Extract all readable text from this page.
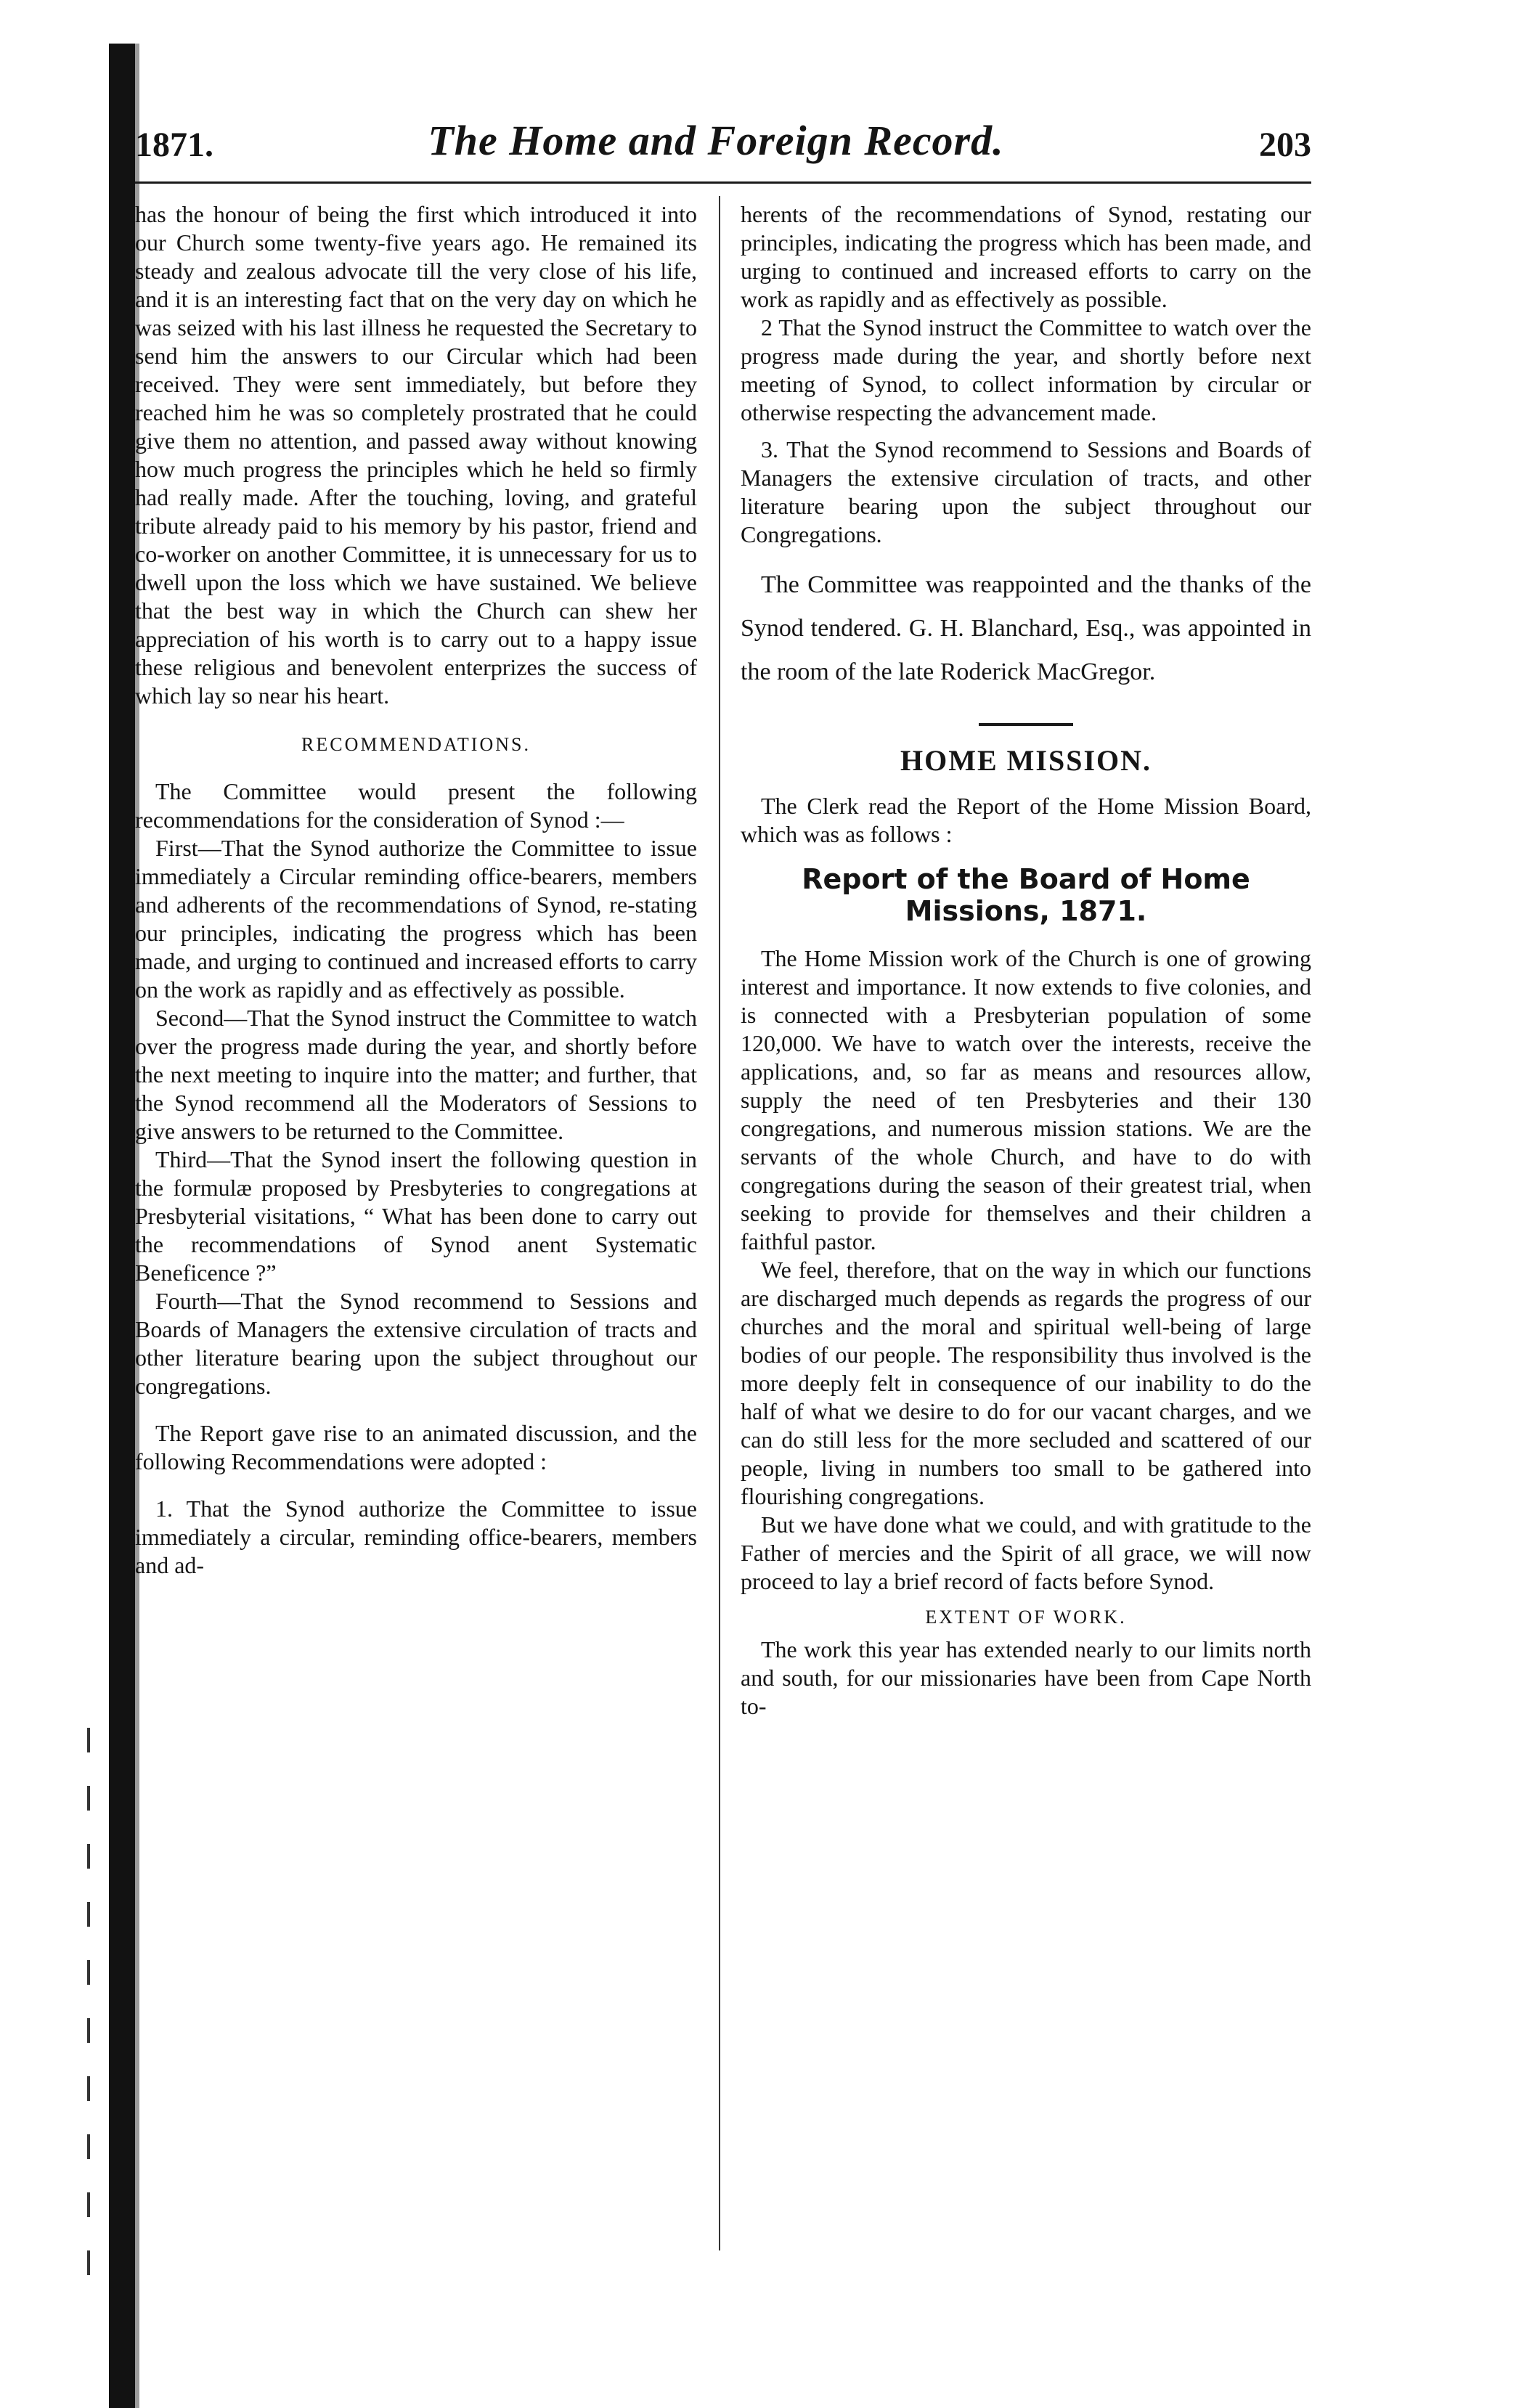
1871.	The Home and Foreign Record.	203

has the honour of being the first which introduced it into our Church some twenty-five years ago. He remained its steady and zealous advocate till the very close of his life, and it is an interesting fact that on the very day on which he was seized with his last illness he requested the Secretary to send him the answers to our Circular which had been received. They were sent immediately, but before they reached him he was so completely prostrated that he could give them no attention, and passed away without knowing how much progress the principles which he held so firmly had really made. After the touching, loving, and grateful tribute already paid to his memory by his pastor, friend and co-worker on another Committee, it is unnecessary for us to dwell upon the loss which we have sustained. We believe that the best way in which the Church can shew her appreciation of his worth is to carry out to a happy issue these religious and benevolent enterprizes the success of which lay so near his heart.

RECOMMENDATIONS.

The Committee would present the following recommendations for the consideration of Synod :—

First—That the Synod authorize the Committee to issue immediately a Circular reminding office-bearers, members and adherents of the recommendations of Synod, re-stating our principles, indicating the progress which has been made, and urging to continued and increased efforts to carry on the work as rapidly and as effectively as possible.

Second—That the Synod instruct the Committee to watch over the progress made during the year, and shortly before the next meeting to inquire into the matter; and further, that the Synod recommend all the Moderators of Sessions to give answers to be returned to the Committee.

Third—That the Synod insert the following question in the formulæ proposed by Presbyteries to congregations at Presbyterial visitations, “ What has been done to carry out the recommendations of Synod anent Systematic Beneficence ?”

Fourth—That the Synod recommend to Sessions and Boards of Managers the extensive circulation of tracts and other literature bearing upon the subject throughout our congregations.

The Report gave rise to an animated discussion, and the following Recommendations were adopted :

1. That the Synod authorize the Committee to issue immediately a circular, reminding office-bearers, members and ad-

herents of the recommendations of Synod, restating our principles, indicating the progress which has been made, and urging to continued and increased efforts to carry on the work as rapidly and as effectively as possible.

2 That the Synod instruct the Committee to watch over the progress made during the year, and shortly before next meeting of Synod, to collect information by circular or otherwise respecting the advancement made.

3. That the Synod recommend to Sessions and Boards of Managers the extensive circulation of tracts, and other literature bearing upon the subject throughout our Congregations.

The Committee was reappointed and the thanks of the Synod tendered. G. H. Blanchard, Esq., was appointed in the room of the late Roderick MacGregor.

HOME MISSION.

The Clerk read the Report of the Home Mission Board, which was as follows :

Report of the Board of Home Missions, 1871.

The Home Mission work of the Church is one of growing interest and importance. It now extends to five colonies, and is connected with a Presbyterian population of some 120,000. We have to watch over the interests, receive the applications, and, so far as means and resources allow, supply the need of ten Presbyteries and their 130 congregations, and numerous mission stations. We are the servants of the whole Church, and have to do with congregations during the season of their greatest trial, when seeking to provide for themselves and their children a faithful pastor.

We feel, therefore, that on the way in which our functions are discharged much depends as regards the progress of our churches and the moral and spiritual well-being of large bodies of our people. The responsibility thus involved is the more deeply felt in consequence of our inability to do the half of what we desire to do for our vacant charges, and we can do still less for the more secluded and scattered of our people, living in numbers too small to be gathered into flourishing congregations.

But we have done what we could, and with gratitude to the Father of mercies and the Spirit of all grace, we will now proceed to lay a brief record of facts before Synod.

EXTENT OF WORK.

The work this year has extended nearly to our limits north and south, for our missionaries have been from Cape North to-
